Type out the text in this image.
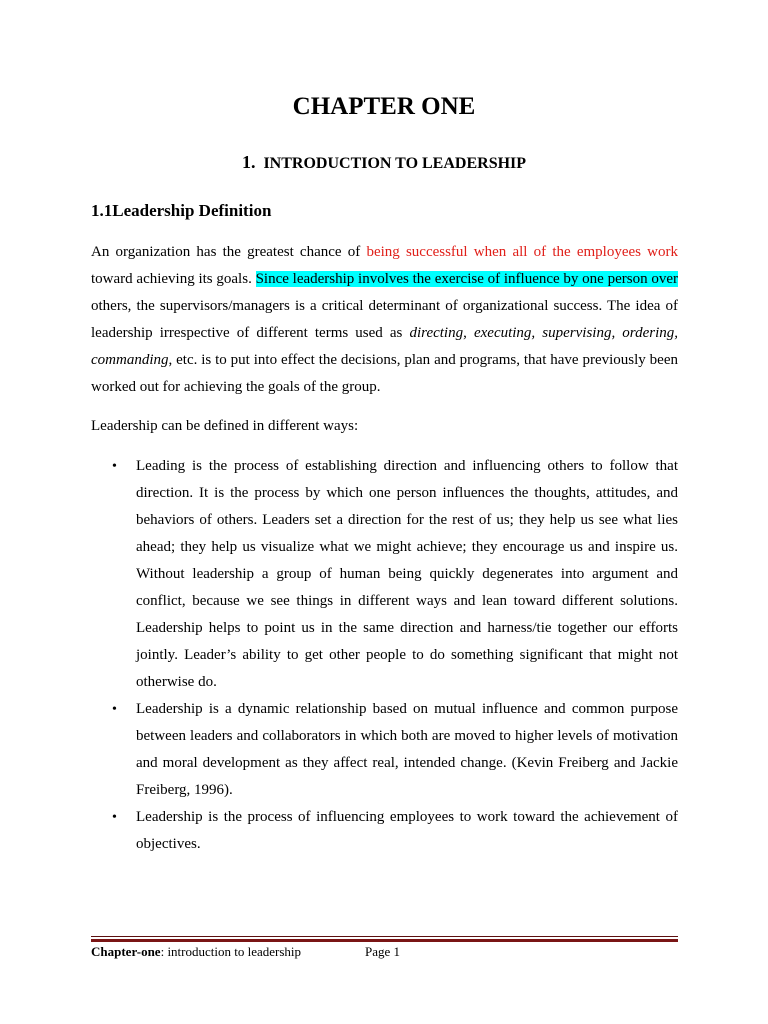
CHAPTER ONE
1. INTRODUCTION TO LEADERSHIP
1.1Leadership Definition

An organization has the greatest chance of being successful when all of the employees work toward achieving its goals. Since leadership involves the exercise of influence by one person over others, the supervisors/managers is a critical determinant of organizational success. The idea of leadership irrespective of different terms used as directing, executing, supervising, ordering, commanding, etc. is to put into effect the decisions, plan and programs, that have previously been worked out for achieving the goals of the group.

Leadership can be defined in different ways:

• Leading is the process of establishing direction and influencing others to follow that direction. It is the process by which one person influences the thoughts, attitudes, and behaviors of others. Leaders set a direction for the rest of us; they help us see what lies ahead; they help us visualize what we might achieve; they encourage us and inspire us. Without leadership a group of human being quickly degenerates into argument and conflict, because we see things in different ways and lean toward different solutions. Leadership helps to point us in the same direction and harness/tie together our efforts jointly. Leader’s ability to get other people to do something significant that might not otherwise do.
• Leadership is a dynamic relationship based on mutual influence and common purpose between leaders and collaborators in which both are moved to higher levels of motivation and moral development as they affect real, intended change. (Kevin Freiberg and Jackie Freiberg, 1996).
• Leadership is the process of influencing employees to work toward the achievement of objectives.
Chapter-one: introduction to leadership	Page 1
